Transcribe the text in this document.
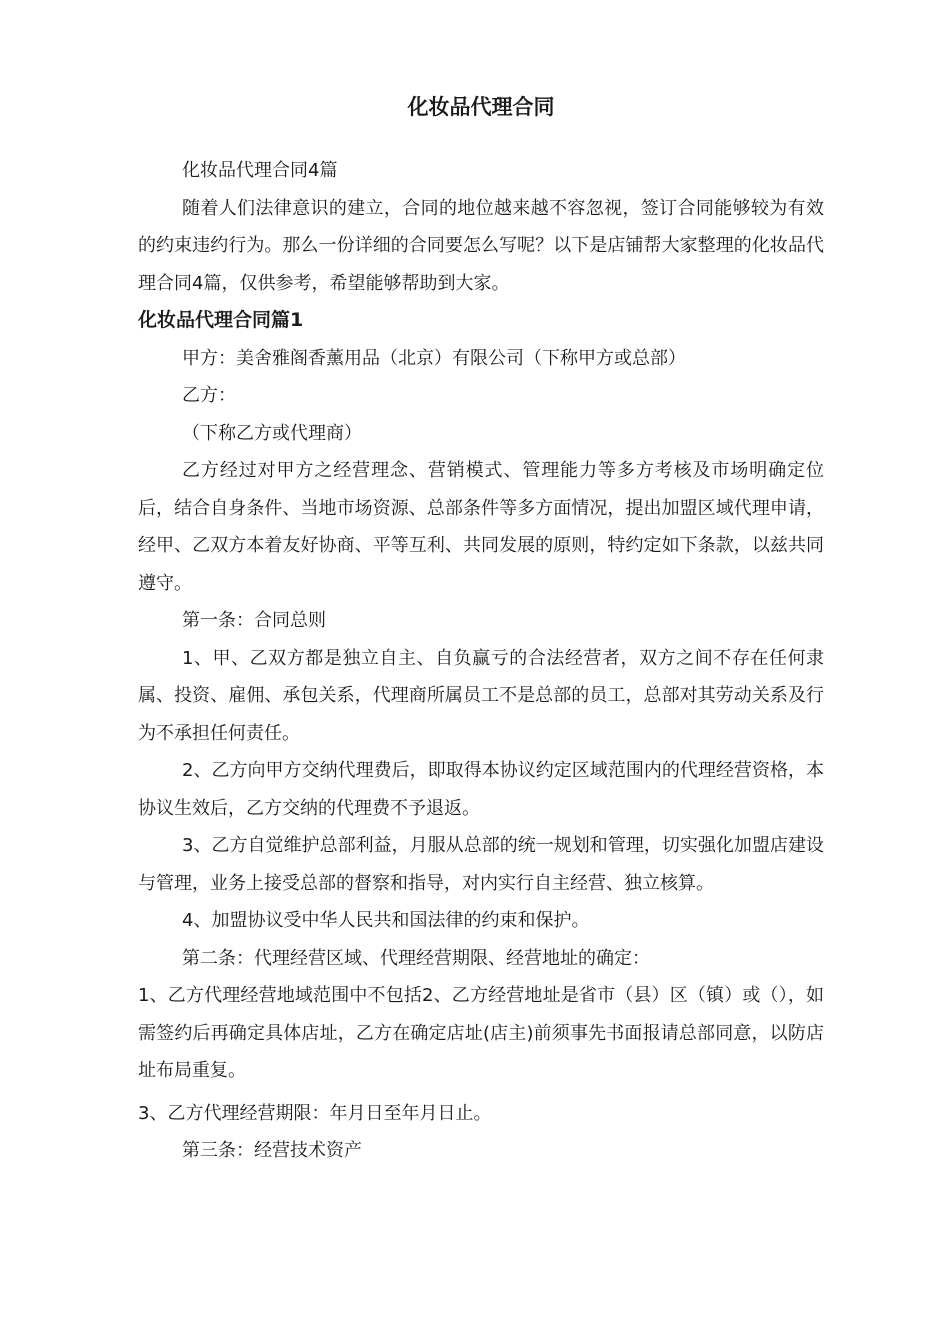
化妆品代理合同

化妆品代理合同4篇

随着人们法律意识的建立，合同的地位越来越不容忽视，签订合同能够较为有效的约束违约行为。那么一份详细的合同要怎么写呢？以下是店铺帮大家整理的化妆品代理合同4篇，仅供参考，希望能够帮助到大家。

化妆品代理合同篇1

甲方：美舍雅阁香薰用品（北京）有限公司（下称甲方或总部）

乙方：

（下称乙方或代理商）

乙方经过对甲方之经营理念、营销模式、管理能力等多方考核及市场明确定位后，结合自身条件、当地市场资源、总部条件等多方面情况，提出加盟区域代理申请，经甲、乙双方本着友好协商、平等互利、共同发展的原则，特约定如下条款，以兹共同遵守。

第一条：合同总则

1、甲、乙双方都是独立自主、自负赢亏的合法经营者，双方之间不存在任何隶属、投资、雇佣、承包关系，代理商所属员工不是总部的员工，总部对其劳动关系及行为不承担任何责任。

2、乙方向甲方交纳代理费后，即取得本协议约定区域范围内的代理经营资格，本协议生效后，乙方交纳的代理费不予退返。

3、乙方自觉维护总部利益，月服从总部的统一规划和管理，切实强化加盟店建设与管理，业务上接受总部的督察和指导，对内实行自主经营、独立核算。

4、加盟协议受中华人民共和国法律的约束和保护。

第二条：代理经营区域、代理经营期限、经营地址的确定：

1、乙方代理经营地域范围中不包括2、乙方经营地址是省市（县）区（镇）或（），如需签约后再确定具体店址，乙方在确定店址(店主)前须事先书面报请总部同意，以防店址布局重复。

3、乙方代理经营期限：年月日至年月日止。

第三条：经营技术资产
